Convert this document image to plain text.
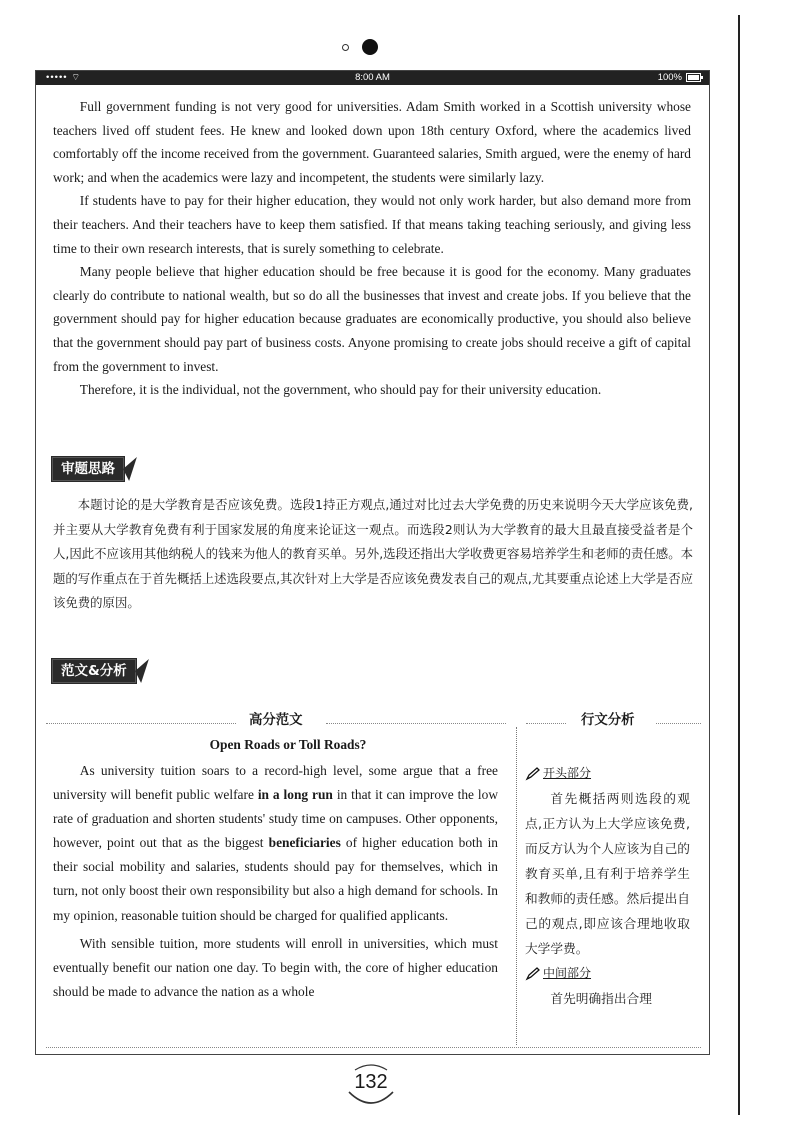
••••• ⌔	8:00 AM	100%

Full government funding is not very good for universities. Adam Smith worked in a Scottish university whose teachers lived off student fees. He knew and looked down upon 18th century Oxford, where the academics lived comfortably off the income received from the government. Guaranteed salaries, Smith argued, were the enemy of hard work; and when the academics were lazy and incompetent, the students were similarly lazy.

If students have to pay for their higher education, they would not only work harder, but also demand more from their teachers. And their teachers have to keep them satisfied. If that means taking teaching seriously, and giving less time to their own research interests, that is surely something to celebrate.

Many people believe that higher education should be free because it is good for the economy. Many graduates clearly do contribute to national wealth, but so do all the businesses that invest and create jobs. If you believe that the government should pay for higher education because graduates are economically productive, you should also believe that the government should pay part of business costs. Anyone promising to create jobs should receive a gift of capital from the government to invest.

Therefore, it is the individual, not the government, who should pay for their university education.

审题思路

本题讨论的是大学教育是否应该免费。选段1持正方观点,通过对比过去大学免费的历史来说明今天大学应该免费,并主要从大学教育免费有利于国家发展的角度来论证这一观点。而选段2则认为大学教育的最大且最直接受益者是个人,因此不应该用其他纳税人的钱来为他人的教育买单。另外,选段还指出大学收费更容易培养学生和老师的责任感。本题的写作重点在于首先概括上述选段要点,其次针对上大学是否应该免费发表自己的观点,尤其要重点论述上大学是否应该免费的原因。

范文&分析
高分范文	行文分析
Open Roads or Toll Roads?

As university tuition soars to a record-high level, some argue that a free university will benefit public welfare in a long run in that it can improve the low rate of graduation and shorten students' study time on campuses. Other opponents, however, point out that as the biggest beneficiaries of higher education both in their social mobility and salaries, students should pay for themselves, which in turn, not only boost their own responsibility but also a high demand for schools. In my opinion, reasonable tuition should be charged for qualified applicants.

With sensible tuition, more students will enroll in universities, which must eventually benefit our nation one day. To begin with, the core of higher education should be made to advance the nation as a whole

开头部分

首先概括两则选段的观点,正方认为上大学应该免费,而反方认为个人应该为自己的教育买单,且有利于培养学生和教师的责任感。然后提出自己的观点,即应该合理地收取大学学费。

中间部分

首先明确指出合理

132
